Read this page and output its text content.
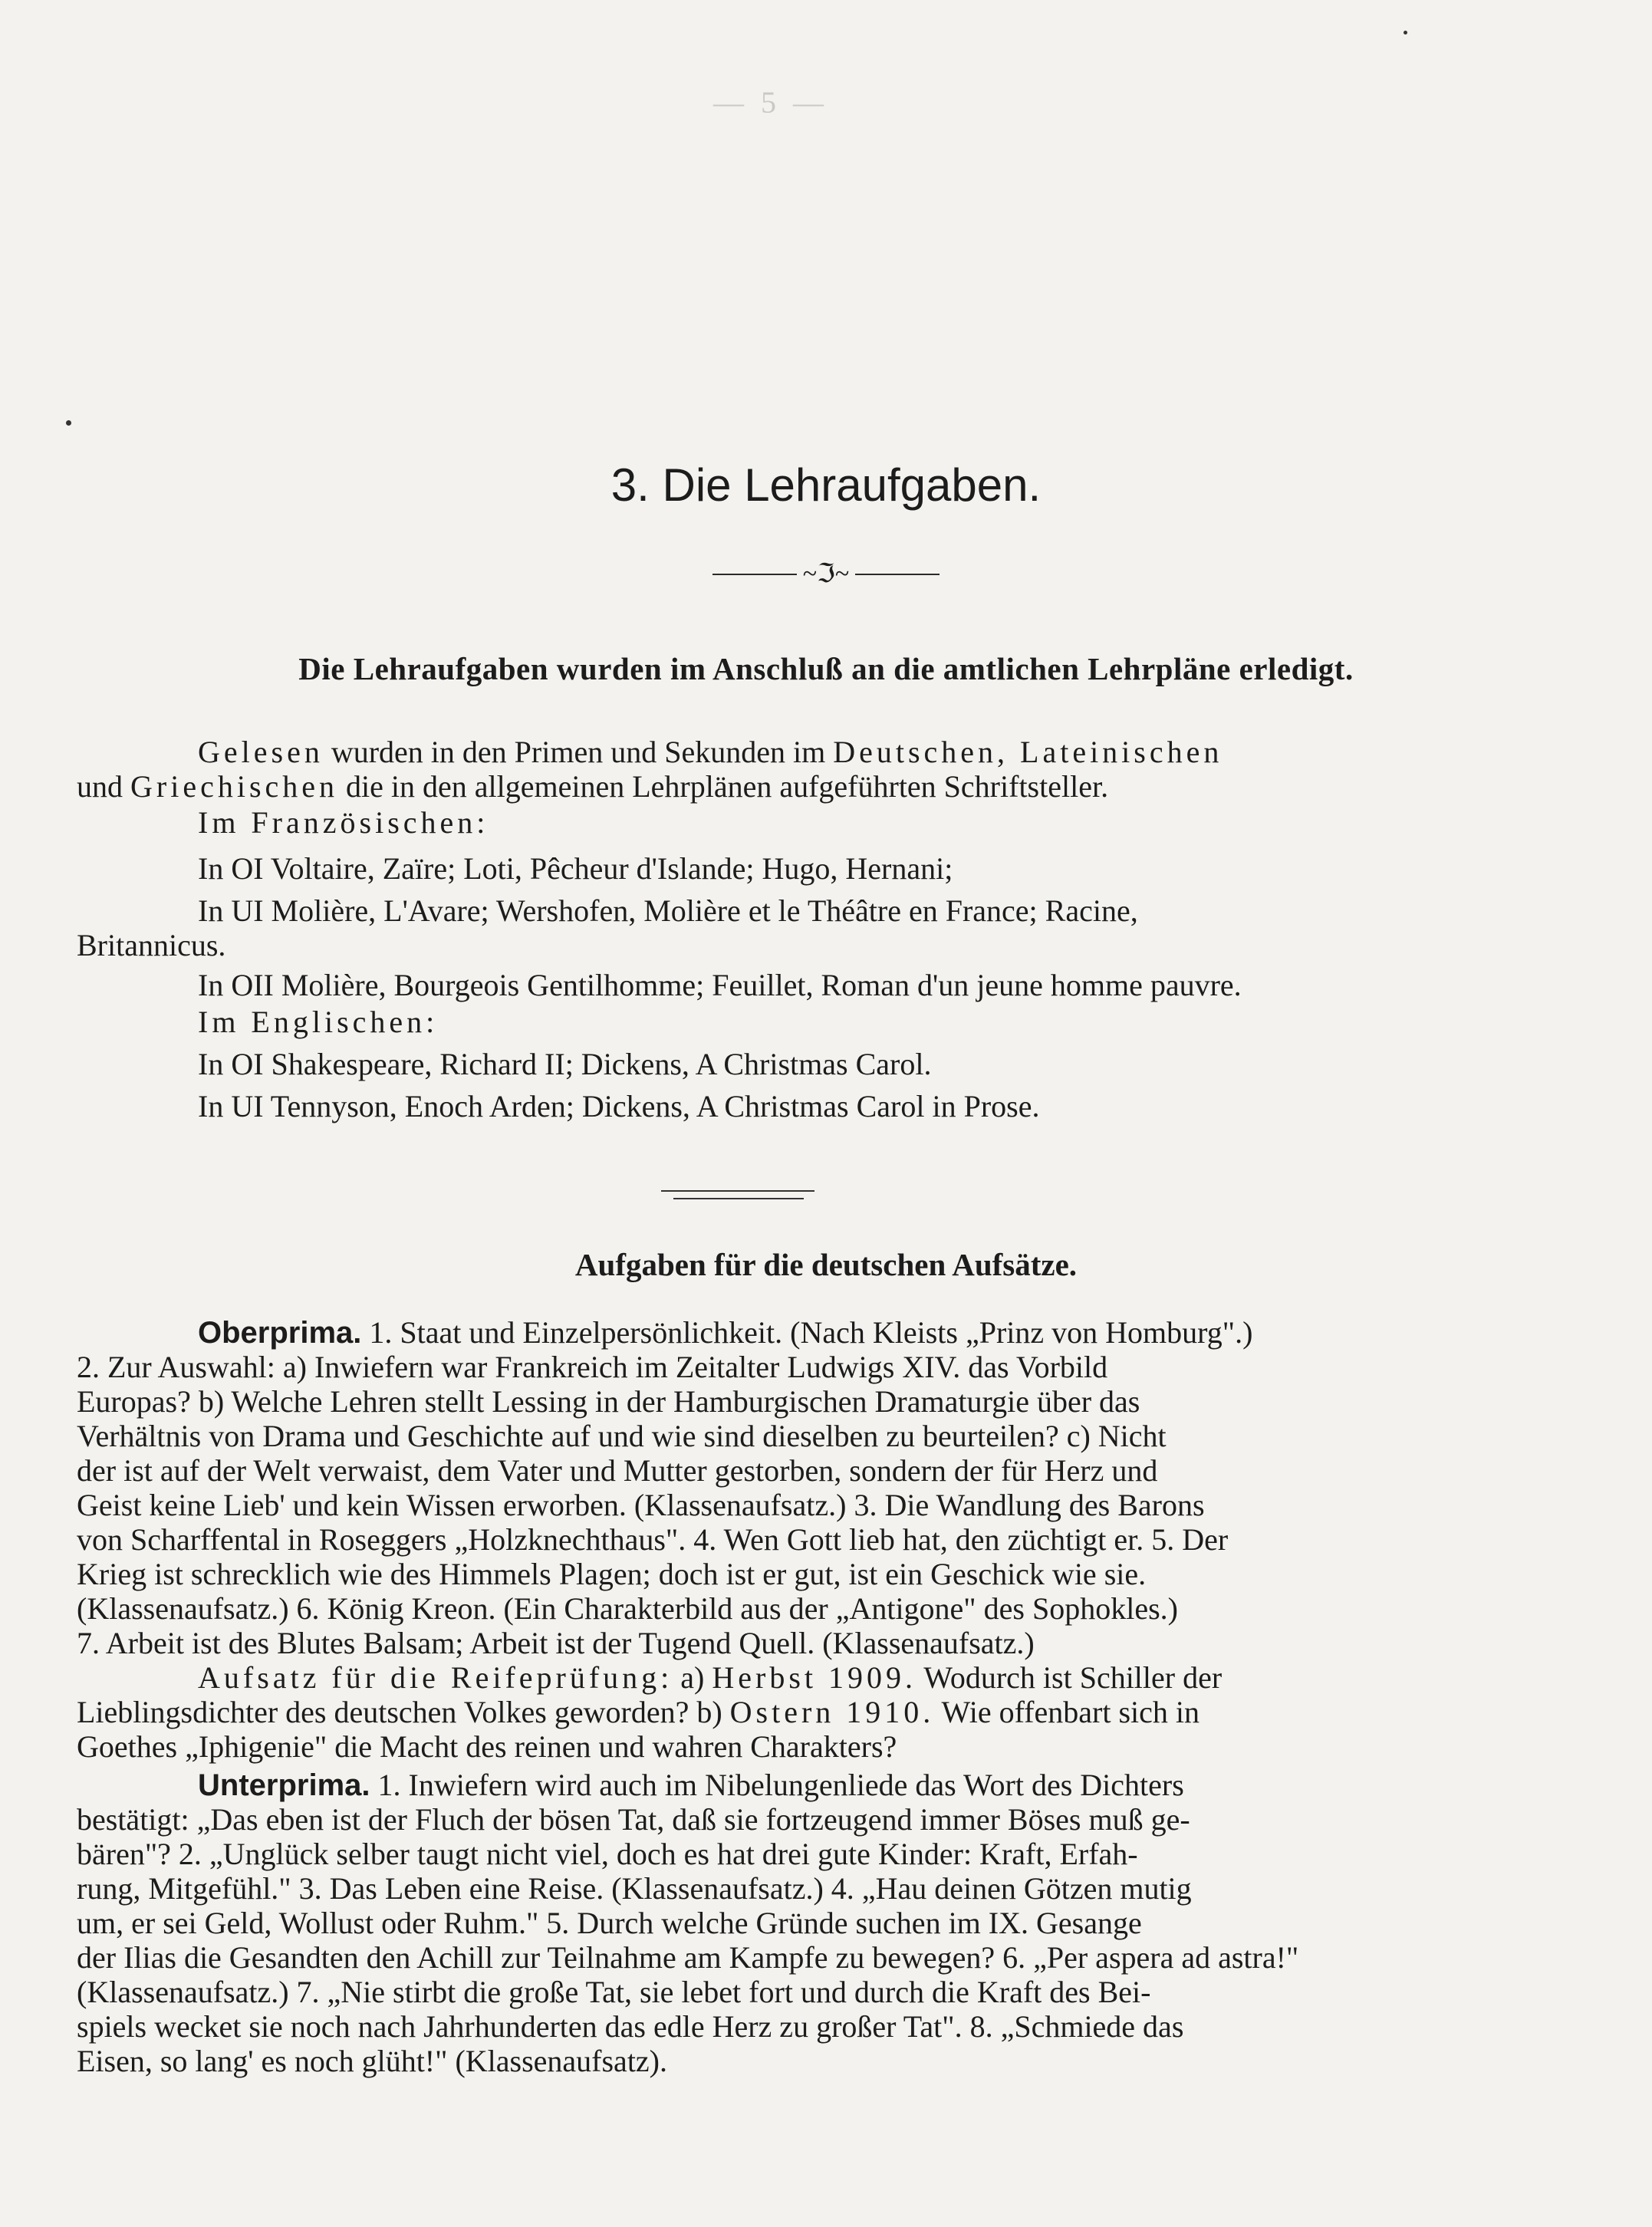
— 5 —
3. Die Lehraufgaben.
~ℑ~
Die Lehraufgaben wurden im Anschluß an die amtlichen Lehrpläne erledigt.
Gelesen wurden in den Primen und Sekunden im Deutschen, Lateinischen
und Griechischen die in den allgemeinen Lehrplänen aufgeführten Schriftsteller.
Im Französischen:
In OI Voltaire, Zaïre; Loti, Pêcheur d'Islande; Hugo, Hernani;
In UI Molière, L'Avare; Wershofen, Molière et le Théâtre en France; Racine,
Britannicus.
In OII Molière, Bourgeois Gentilhomme; Feuillet, Roman d'un jeune homme pauvre.
Im Englischen:
In OI Shakespeare, Richard II; Dickens, A Christmas Carol.
In UI Tennyson, Enoch Arden; Dickens, A Christmas Carol in Prose.
Aufgaben für die deutschen Aufsätze.
Oberprima. 1. Staat und Einzelpersönlichkeit. (Nach Kleists „Prinz von Homburg".)
2. Zur Auswahl: a) Inwiefern war Frankreich im Zeitalter Ludwigs XIV. das Vorbild
Europas? b) Welche Lehren stellt Lessing in der Hamburgischen Dramaturgie über das
Verhältnis von Drama und Geschichte auf und wie sind dieselben zu beurteilen? c) Nicht
der ist auf der Welt verwaist, dem Vater und Mutter gestorben, sondern der für Herz und
Geist keine Lieb' und kein Wissen erworben. (Klassenaufsatz.) 3. Die Wandlung des Barons
von Scharffental in Roseggers „Holzknechthaus". 4. Wen Gott lieb hat, den züchtigt er. 5. Der
Krieg ist schrecklich wie des Himmels Plagen; doch ist er gut, ist ein Geschick wie sie.
(Klassenaufsatz.) 6. König Kreon. (Ein Charakterbild aus der „Antigone" des Sophokles.)
7. Arbeit ist des Blutes Balsam; Arbeit ist der Tugend Quell. (Klassenaufsatz.)
Aufsatz für die Reifeprüfung: a) Herbst 1909. Wodurch ist Schiller der
Lieblingsdichter des deutschen Volkes geworden? b) Ostern 1910. Wie offenbart sich in
Goethes „Iphigenie" die Macht des reinen und wahren Charakters?
Unterprima. 1. Inwiefern wird auch im Nibelungenliede das Wort des Dichters
bestätigt: „Das eben ist der Fluch der bösen Tat, daß sie fortzeugend immer Böses muß ge-
bären"? 2. „Unglück selber taugt nicht viel, doch es hat drei gute Kinder: Kraft, Erfah-
rung, Mitgefühl." 3. Das Leben eine Reise. (Klassenaufsatz.) 4. „Hau deinen Götzen mutig
um, er sei Geld, Wollust oder Ruhm." 5. Durch welche Gründe suchen im IX. Gesange
der Ilias die Gesandten den Achill zur Teilnahme am Kampfe zu bewegen? 6. „Per aspera ad astra!"
(Klassenaufsatz.) 7. „Nie stirbt die große Tat, sie lebet fort und durch die Kraft des Bei-
spiels wecket sie noch nach Jahrhunderten das edle Herz zu großer Tat". 8. „Schmiede das
Eisen, so lang' es noch glüht!" (Klassenaufsatz).
